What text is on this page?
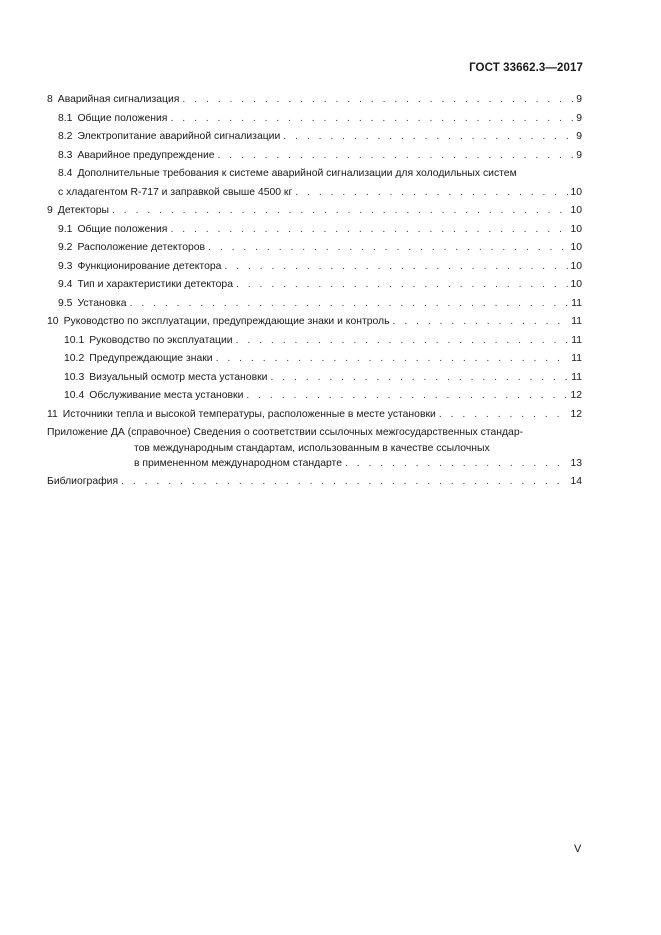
ГОСТ 33662.3—2017
8 Аварийная сигнализация . . .	9
8.1 Общие положения . . .	9
8.2 Электропитание аварийной сигнализации . . .	9
8.3 Аварийное предупреждение . . .	9
8.4 Дополнительные требования к системе аварийной сигнализации для холодильных систем
с хладагентом R-717 и заправкой свыше 4500 кг . . .	10
9 Детекторы . . .	10
9.1 Общие положения . . .	10
9.2 Расположение детекторов . . .	10
9.3 Функционирование детектора . . .	10
9.4 Тип и характеристики детектора . . .	10
9.5 Установка . . .	11
10 Руководство по эксплуатации, предупреждающие знаки и контроль . . .	11
10.1 Руководство по эксплуатации . . .	11
10.2 Предупреждающие знаки . . .	11
10.3 Визуальный осмотр места установки . . .	11
10.4 Обслуживание места установки . . .	12
11 Источники тепла и высокой температуры, расположенные в месте установки . . .	12
Приложение ДА (справочное) Сведения о соответствии ссылочных межгосударственных стандар-
тов международным стандартам, использованным в качестве ссылочных
в примененном международном стандарте . . .	13
Библиография . . .	14
V
